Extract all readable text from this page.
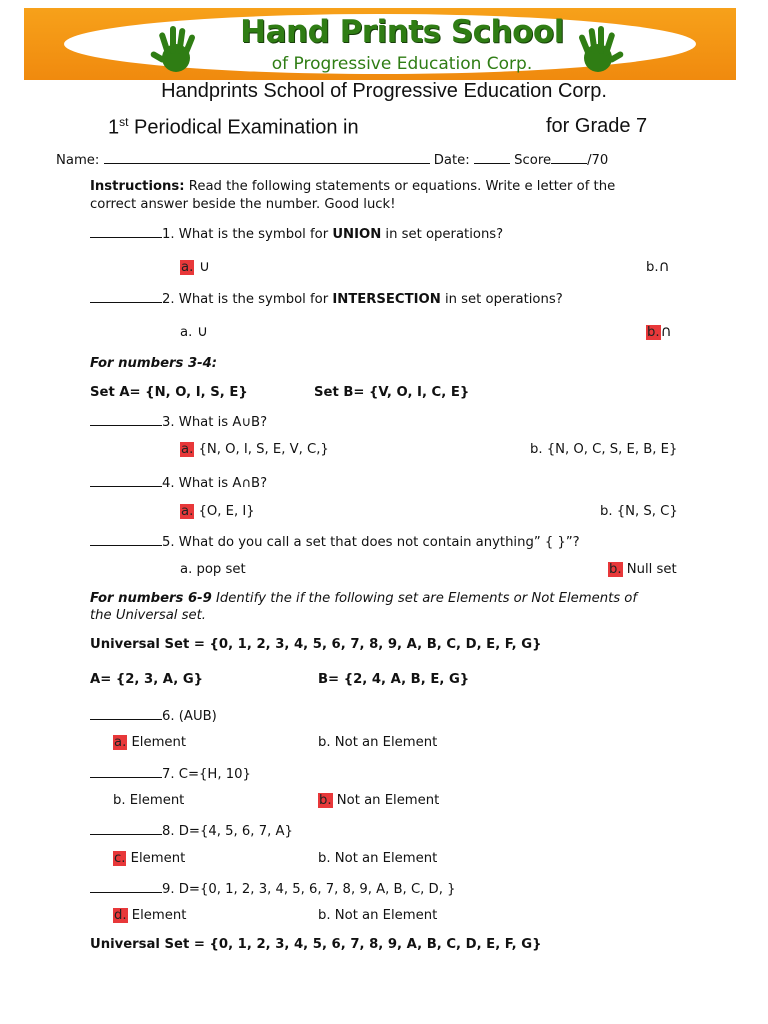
Hand Prints School
of Progressive Education Corp.
Handprints School of Progressive Education Corp.
1st Periodical Examination in	for Grade 7
Name:	Date:	Score	/70
Instructions: Read the following statements or equations. Write e letter of the
correct answer beside the number. Good luck!
1. What is the symbol for UNION in set operations?
a. ∪	b.∩
2. What is the symbol for INTERSECTION in set operations?
a. ∪	b.∩
For numbers 3-4:
Set A= {N, O, I, S, E}	Set B= {V, O, I, C, E}
3. What is A∪B?
a. {N, O, I, S, E, V, C,}	b. {N, O, C, S, E, B, E}
4. What is A∩B?
a. {O, E, I}	b. {N, S, C}
5. What do you call a set that does not contain anything” { }”?
a. pop set	b. Null set
For numbers 6-9 Identify the if the following set are Elements or Not Elements of
the Universal set.
Universal Set = {0, 1, 2, 3, 4, 5, 6, 7, 8, 9, A, B, C, D, E, F, G}
A= {2, 3, A, G}	B= {2, 4, A, B, E, G}
6. (AUB)
a. Element	b. Not an Element
7. C={H, 10}
b. Element	b. Not an Element
8. D={4, 5, 6, 7, A}
c. Element	b. Not an Element
9. D={0, 1, 2, 3, 4, 5, 6, 7, 8, 9, A, B, C, D, }
d. Element	b. Not an Element
Universal Set = {0, 1, 2, 3, 4, 5, 6, 7, 8, 9, A, B, C, D, E, F, G}
